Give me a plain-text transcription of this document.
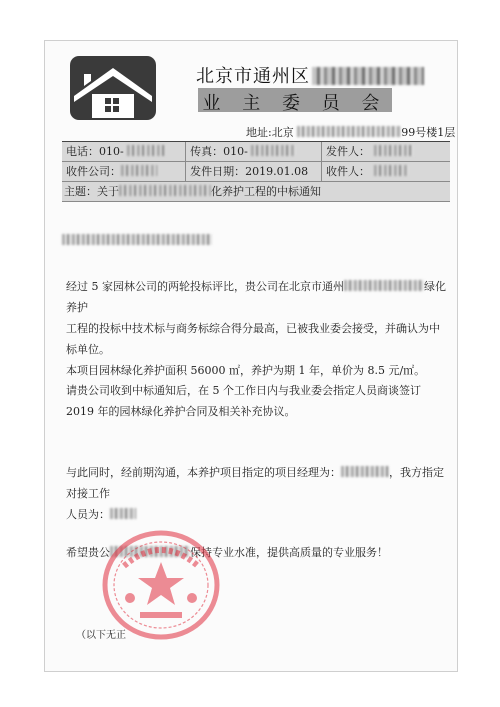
北京市通州区
业 主 委 员 会
地址:北京	99号楼1层
电话：010-	传真：010-	发件人：
收件公司：	发件日期：2019.01.08	收件人：
主题：关于	化养护工程的中标通知

经过 5 家园林公司的两轮投标评比，贵公司在北京市通州	绿化养护
工程的投标中技术标与商务标综合得分最高，已被我业委会接受，并确认为中标单位。
本项目园林绿化养护面积 56000 ㎡，养护为期 1 年，单价为 8.5 元/㎡。

请贵公司收到中标通知后，在 5 个工作日内与我业委会指定人员商谈签订 2019 年的园林绿化养护合同及相关补充协议。

与此同时，经前期沟通，本养护项目指定的项目经理为：	，我方指定对接工作
人员为：

希望贵公	保持专业水准，提供高质量的专业服务！

（以下无正
